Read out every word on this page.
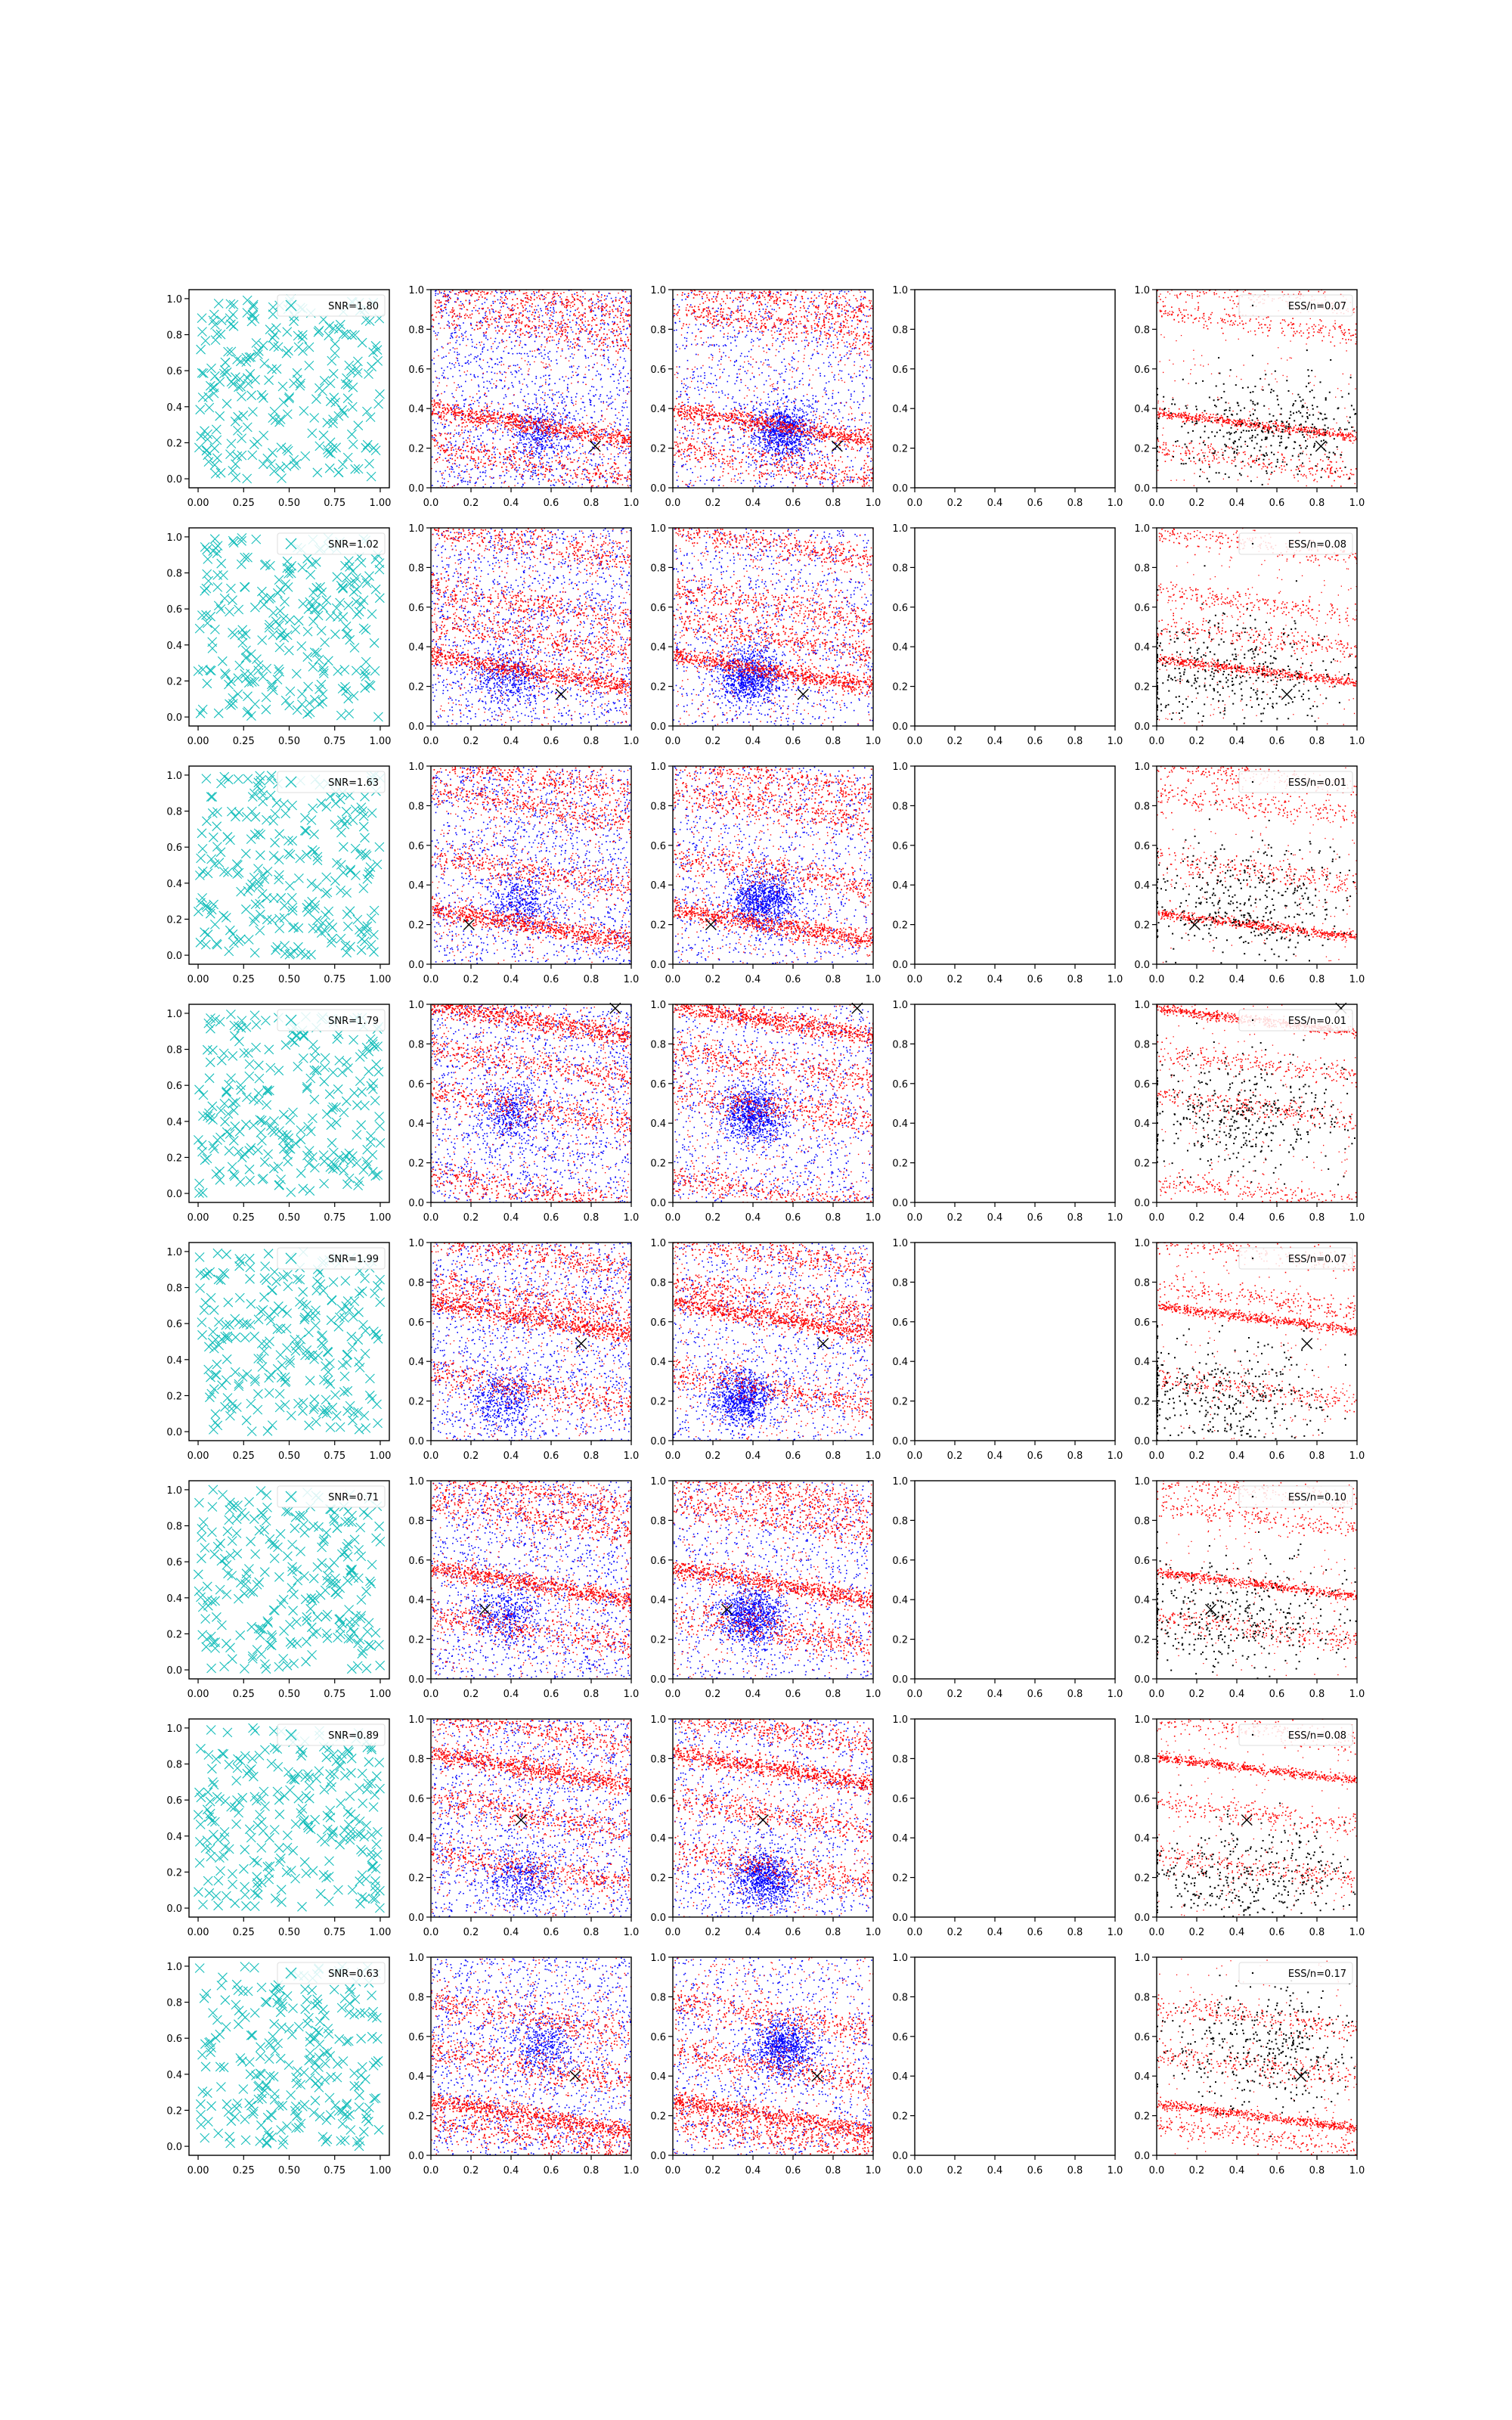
0.00 0.25 0.50 0.75 1.00
0.0
0.2
0.4
0.6
0.8
1.0
SNR=1.80
0.0 0.2 0.4 0.6 0.8 1.0
0.0
0.2
0.4
0.6
0.8
1.0
0.0 0.2 0.4 0.6 0.8 1.0
0.0
0.2
0.4
0.6
0.8
1.0
0.0 0.2 0.4 0.6 0.8 1.0
0.0
0.2
0.4
0.6
0.8
1.0
0.0 0.2 0.4 0.6 0.8 1.0
0.0
0.2
0.4
0.6
0.8
1.0
ESS/n=0.07
0.00 0.25 0.50 0.75 1.00
0.0
0.2
0.4
0.6
0.8
1.0
SNR=1.02
0.0 0.2 0.4 0.6 0.8 1.0
0.0
0.2
0.4
0.6
0.8
1.0
0.0 0.2 0.4 0.6 0.8 1.0
0.0
0.2
0.4
0.6
0.8
1.0
0.0 0.2 0.4 0.6 0.8 1.0
0.0
0.2
0.4
0.6
0.8
1.0
0.0 0.2 0.4 0.6 0.8 1.0
0.0
0.2
0.4
0.6
0.8
1.0
ESS/n=0.08
0.00 0.25 0.50 0.75 1.00
0.0
0.2
0.4
0.6
0.8
1.0
SNR=1.63
0.0 0.2 0.4 0.6 0.8 1.0
0.0
0.2
0.4
0.6
0.8
1.0
0.0 0.2 0.4 0.6 0.8 1.0
0.0
0.2
0.4
0.6
0.8
1.0
0.0 0.2 0.4 0.6 0.8 1.0
0.0
0.2
0.4
0.6
0.8
1.0
0.0 0.2 0.4 0.6 0.8 1.0
0.0
0.2
0.4
0.6
0.8
1.0
ESS/n=0.01
0.00 0.25 0.50 0.75 1.00
0.0
0.2
0.4
0.6
0.8
1.0
SNR=1.79
0.0 0.2 0.4 0.6 0.8 1.0
0.0
0.2
0.4
0.6
0.8
1.0
0.0 0.2 0.4 0.6 0.8 1.0
0.0
0.2
0.4
0.6
0.8
1.0
0.0 0.2 0.4 0.6 0.8 1.0
0.0
0.2
0.4
0.6
0.8
1.0
0.0 0.2 0.4 0.6 0.8 1.0
0.0
0.2
0.4
0.6
0.8
1.0
ESS/n=0.01
0.00 0.25 0.50 0.75 1.00
0.0
0.2
0.4
0.6
0.8
1.0
SNR=1.99
0.0 0.2 0.4 0.6 0.8 1.0
0.0
0.2
0.4
0.6
0.8
1.0
0.0 0.2 0.4 0.6 0.8 1.0
0.0
0.2
0.4
0.6
0.8
1.0
0.0 0.2 0.4 0.6 0.8 1.0
0.0
0.2
0.4
0.6
0.8
1.0
0.0 0.2 0.4 0.6 0.8 1.0
0.0
0.2
0.4
0.6
0.8
1.0
ESS/n=0.07
0.00 0.25 0.50 0.75 1.00
0.0
0.2
0.4
0.6
0.8
1.0
SNR=0.71
0.0 0.2 0.4 0.6 0.8 1.0
0.0
0.2
0.4
0.6
0.8
1.0
0.0 0.2 0.4 0.6 0.8 1.0
0.0
0.2
0.4
0.6
0.8
1.0
0.0 0.2 0.4 0.6 0.8 1.0
0.0
0.2
0.4
0.6
0.8
1.0
0.0 0.2 0.4 0.6 0.8 1.0
0.0
0.2
0.4
0.6
0.8
1.0
ESS/n=0.10
0.00 0.25 0.50 0.75 1.00
0.0
0.2
0.4
0.6
0.8
1.0
SNR=0.89
0.0 0.2 0.4 0.6 0.8 1.0
0.0
0.2
0.4
0.6
0.8
1.0
0.0 0.2 0.4 0.6 0.8 1.0
0.0
0.2
0.4
0.6
0.8
1.0
0.0 0.2 0.4 0.6 0.8 1.0
0.0
0.2
0.4
0.6
0.8
1.0
0.0 0.2 0.4 0.6 0.8 1.0
0.0
0.2
0.4
0.6
0.8
1.0
ESS/n=0.08
0.00 0.25 0.50 0.75 1.00
0.0
0.2
0.4
0.6
0.8
1.0
SNR=0.63
0.0 0.2 0.4 0.6 0.8 1.0
0.0
0.2
0.4
0.6
0.8
1.0
0.0 0.2 0.4 0.6 0.8 1.0
0.0
0.2
0.4
0.6
0.8
1.0
0.0 0.2 0.4 0.6 0.8 1.0
0.0
0.2
0.4
0.6
0.8
1.0
0.0 0.2 0.4 0.6 0.8 1.0
0.0
0.2
0.4
0.6
0.8
1.0
ESS/n=0.17
